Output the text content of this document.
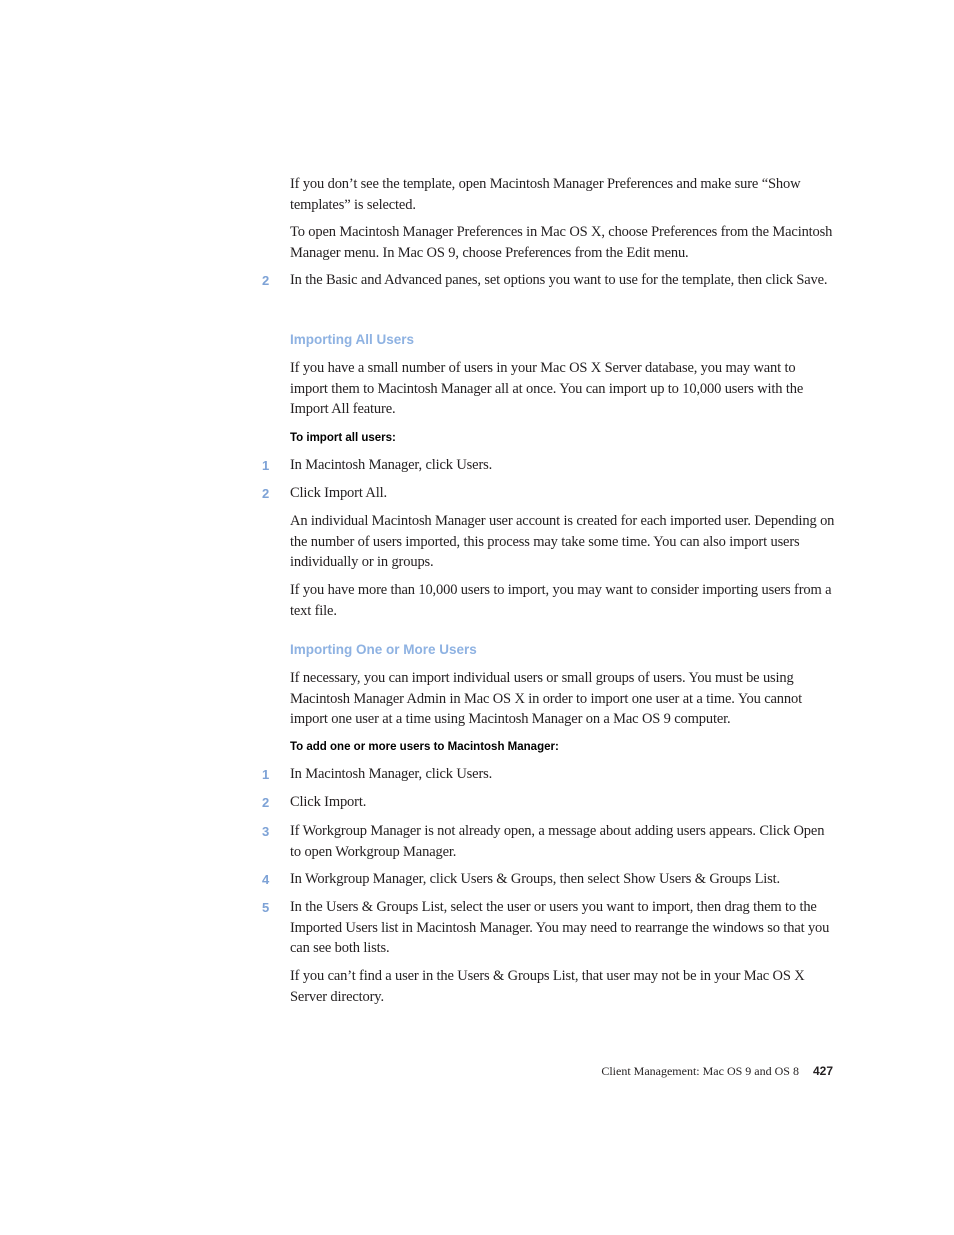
If you don’t see the template, open Macintosh Manager Preferences and make sure “Show templates” is selected.

To open Macintosh Manager Preferences in Mac OS X, choose Preferences from the Macintosh Manager menu. In Mac OS 9, choose Preferences from the Edit menu.

2	In the Basic and Advanced panes, set options you want to use for the template, then click Save.
Importing All Users

If you have a small number of users in your Mac OS X Server database, you may want to import them to Macintosh Manager all at once. You can import up to 10,000 users with the Import All feature.

To import all users:
1	In Macintosh Manager, click Users.
2	Click Import All.

An individual Macintosh Manager user account is created for each imported user. Depending on the number of users imported, this process may take some time. You can also import users individually or in groups.

If you have more than 10,000 users to import, you may want to consider importing users from a text file.

Importing One or More Users

If necessary, you can import individual users or small groups of users. You must be using Macintosh Manager Admin in Mac OS X in order to import one user at a time. You cannot import one user at a time using Macintosh Manager on a Mac OS 9 computer.

To add one or more users to Macintosh Manager:
1	In Macintosh Manager, click Users.
2	Click Import.
3	If Workgroup Manager is not already open, a message about adding users appears. Click Open to open Workgroup Manager.
4	In Workgroup Manager, click Users & Groups, then select Show Users & Groups List.
5	In the Users & Groups List, select the user or users you want to import, then drag them to the Imported Users list in Macintosh Manager. You may need to rearrange the windows so that you can see both lists.

If you can’t find a user in the Users & Groups List, that user may not be in your Mac OS X Server directory.

Client Management: Mac OS 9 and OS 8 427
